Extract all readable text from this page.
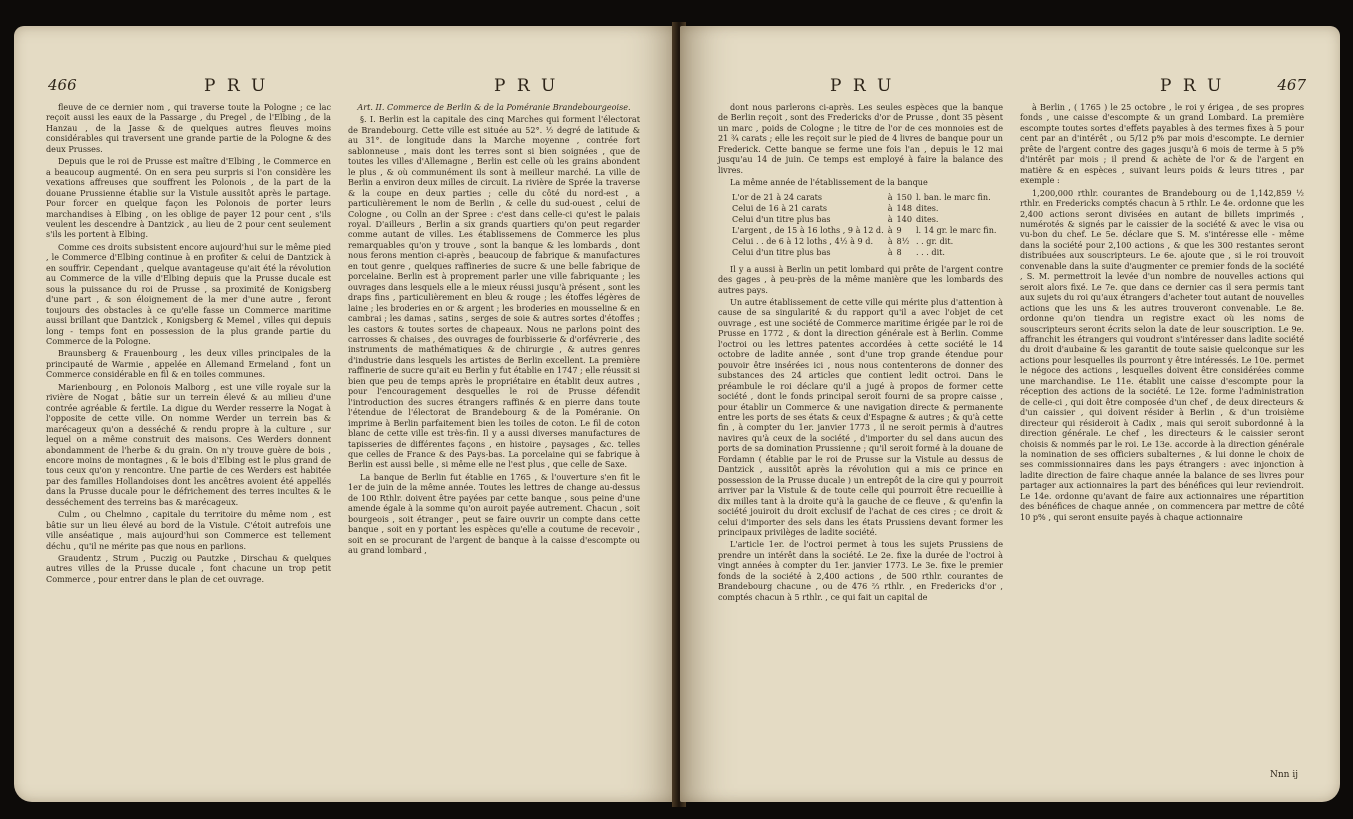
466	P R U	P R U

fleuve de ce dernier nom , qui traverse toute la Pologne ; ce lac reçoit aussi les eaux de la Passarge , du Pregel , de l'Elbing , de la Hanzau , de la Jasse & de quelques autres fleuves moins considérables qui traversent une grande partie de la Pologne & des deux Prusses.

Depuis que le roi de Prusse est maître d'Elbing , le Commerce en a beaucoup augmenté. On en sera peu surpris si l'on considère les vexations affreuses que souffrent les Polonois , de la part de la douane Prussienne établie sur la Vistule aussitôt après le partage. Pour forcer en quelque façon les Polonois de porter leurs marchandises à Elbing , on les oblige de payer 12 pour cent , s'ils veulent les descendre à Dantzick , au lieu de 2 pour cent seulement s'ils les portent à Elbing.

Comme ces droits subsistent encore aujourd'hui sur le même pied , le Commerce d'Elbing continue à en profiter & celui de Dantzick à en souffrir. Cependant , quelque avantageuse qu'ait été la révolution au Commerce de la ville d'Elbing depuis que la Prusse ducale est sous la puissance du roi de Prusse , sa proximité de Konigsberg d'une part , & son éloignement de la mer d'une autre , feront toujours des obstacles à ce qu'elle fasse un Commerce maritime aussi brillant que Dantzick , Konigsberg & Memel , villes qui depuis long - temps font en possession de la plus grande partie du Commerce de la Pologne.

Braunsberg & Frauenbourg , les deux villes principales de la principauté de Warmie , appelée en Allemand Ermeland , font un Commerce considérable en fil & en toiles communes.

Marienbourg , en Polonois Malborg , est une ville royale sur la rivière de Nogat , bâtie sur un terrein élevé & au milieu d'une contrée agréable & fertile. La digue du Werder resserre la Nogat à l'opposite de cette ville. On nomme Werder un terrein bas & marécageux qu'on a desséché & rendu propre à la culture , sur lequel on a même construit des maisons. Ces Werders donnent abondamment de l'herbe & du grain. On n'y trouve guère de bois , encore moins de montagnes , & le bois d'Elbing est le plus grand de tous ceux qu'on y rencontre. Une partie de ces Werders est habitée par des familles Hollandoises dont les ancêtres avoient été appellés dans la Prusse ducale pour le défrichement des terres incultes & le desséchement des terreins bas & marécageux.

Culm , ou Chelmno , capitale du territoire du même nom , est bâtie sur un lieu élevé au bord de la Vistule. C'étoit autrefois une ville anséatique , mais aujourd'hui son Commerce est tellement déchu , qu'il ne mérite pas que nous en parlions.

Graudentz , Strum , Puczig ou Pautzke , Dirschau & quelques autres villes de la Prusse ducale , font chacune un trop petit Commerce , pour entrer dans le plan de cet ouvrage.

Art. II. Commerce de Berlin & de la Poméranie Brandebourgeoise.

§. I. Berlin est la capitale des cinq Marches qui forment l'électorat de Brandebourg. Cette ville est située au 52°. ½ degré de latitude & au 31°. de longitude dans la Marche moyenne , contrée fort sablonneuse , mais dont les terres sont si bien soignées , que de toutes les villes d'Allemagne , Berlin est celle où les grains abondent le plus , & où communément ils sont à meilleur marché. La ville de Berlin a environ deux milles de circuit. La rivière de Sprée la traverse & la coupe en deux parties ; celle du côté du nord-est , a particulièrement le nom de Berlin , & celle du sud-ouest , celui de Cologne , ou Colln an der Spree : c'est dans celle-ci qu'est le palais royal. D'ailleurs , Berlin a six grands quartiers qu'on peut regarder comme autant de villes. Les établissemens de Commerce les plus remarquables qu'on y trouve , sont la banque & les lombards , dont nous ferons mention ci-après , beaucoup de fabrique & manufactures en tout genre , quelques raffineries de sucre & une belle fabrique de porcelaine. Berlin est à proprement parler une ville fabriquante ; les ouvrages dans lesquels elle a le mieux réussi jusqu'à présent , sont les draps fins , particulièrement en bleu & rouge ; les étoffes légères de laine ; les broderies en or & argent ; les broderies en mousseline & en cambrai ; les damas , satins , serges de soie & autres sortes d'étoffes ; les castors & toutes sortes de chapeaux. Nous ne parlons point des carrosses & chaises , des ouvrages de fourbisserie & d'orfévrerie , des instruments de mathématiques & de chirurgie , & autres genres d'industrie dans lesquels les artistes de Berlin excellent. La première raffinerie de sucre qu'ait eu Berlin y fut établie en 1747 ; elle réussit si bien que peu de temps après le propriétaire en établit deux autres , pour l'encouragement desquelles le roi de Prusse défendit l'introduction des sucres étrangers raffinés & en pierre dans toute l'étendue de l'électorat de Brandebourg & de la Poméranie. On imprime à Berlin parfaitement bien les toiles de coton. Le fil de coton blanc de cette ville est très-fin. Il y a aussi diverses manufactures de tapisseries de différentes façons , en histoire , paysages , &c. telles que celles de France & des Pays-bas. La porcelaine qui se fabrique à Berlin est aussi belle , si même elle ne l'est plus , que celle de Saxe.

La banque de Berlin fut établie en 1765 , & l'ouverture s'en fit le 1er de juin de la même année. Toutes les lettres de change au-dessus de 100 Rthlr. doivent être payées par cette banque , sous peine d'une amende égale à la somme qu'on auroit payée autrement. Chacun , soit bourgeois , soit étranger , peut se faire ouvrir un compte dans cette banque , soit en y portant les espèces qu'elle a coutume de recevoir , soit en se procurant de l'argent de banque à la caisse d'escompte ou au grand lombard ,

P R U	P R U	467

dont nous parlerons ci-après. Les seules espèces que la banque de Berlin reçoit , sont des Fredericks d'or de Prusse , dont 35 pèsent un marc , poids de Cologne ; le titre de l'or de ces monnoies est de 21 ¾ carats ; elle les reçoit sur le pied de 4 livres de banque pour un Frederick. Cette banque se ferme une fois l'an , depuis le 12 mai jusqu'au 14 de juin. Ce temps est employé à faire la balance des livres.

La même année de l'établissement de la banque

L'or de 21 à 24 carats	à	150	l. ban. le marc fin.
Celui de 16 à 21 carats	à	148	dites.
Celui d'un titre plus bas	à	140	dites.
L'argent , de 15 à 16 loths , 9 à 12 d.	à	9	l. 14 gr. le marc fin.
Celui . . de 6 à 12 loths , 4½ à 9 d.	à	8½	. . gr. dit.
Celui d'un titre plus bas	à	8	. . . dit.

Il y a aussi à Berlin un petit lombard qui prête de l'argent contre des gages , à peu-près de la même manière que les lombards des autres pays.

Un autre établissement de cette ville qui mérite plus d'attention à cause de sa singularité & du rapport qu'il a avec l'objet de cet ouvrage , est une société de Commerce maritime érigée par le roi de Prusse en 1772 , & dont la direction générale est à Berlin. Comme l'octroi ou les lettres patentes accordées à cette société le 14 octobre de ladite année , sont d'une trop grande étendue pour pouvoir être insérées ici , nous nous contenterons de donner des substances des 24 articles que contient ledit octroi. Dans le préambule le roi déclare qu'il a jugé à propos de former cette société , dont le fonds principal seroit fourni de sa propre caisse , pour établir un Commerce & une navigation directe & permanente entre les ports de ses états & ceux d'Espagne & autres ; & qu'à cette fin , à compter du 1er. janvier 1773 , il ne seroit permis à d'autres navires qu'à ceux de la société , d'importer du sel dans aucun des ports de sa domination Prussienne ; qu'il seroit formé à la douane de Fordamn ( établie par le roi de Prusse sur la Vistule au dessus de Dantzick , aussitôt après la révolution qui a mis ce prince en possession de la Prusse ducale ) un entrepôt de la cire qui y pourroit arriver par la Vistule & de toute celle qui pourroit être recueillie à dix milles tant à la droite qu'à la gauche de ce fleuve , & qu'enfin la société jouiroit du droit exclusif de l'achat de ces cires ; ce droit & celui d'importer des sels dans les états Prussiens devant former les principaux privilèges de ladite société.

L'article 1er. de l'octroi permet à tous les sujets Prussiens de prendre un intérêt dans la société. Le 2e. fixe la durée de l'octroi à vingt années à compter du 1er. janvier 1773. Le 3e. fixe le premier fonds de la société à 2,400 actions , de 500 rthlr. courantes de Brandebourg chacune , ou de 476 ⅔ rthlr. , en Fredericks d'or , comptés chacun à 5 rthlr. , ce qui fait un capital de

à Berlin , ( 1765 ) le 25 octobre , le roi y érigea , de ses propres fonds , une caisse d'escompte & un grand Lombard. La première escompte toutes sortes d'effets payables à des termes fixes à 5 pour cent par an d'intérêt , ou 5/12 p% par mois d'escompte. Le dernier prête de l'argent contre des gages jusqu'à 6 mois de terme à 5 p% d'intérêt par mois ; il prend & achète de l'or & de l'argent en matière & en espèces , suivant leurs poids & leurs titres , par exemple :

1,200,000 rthlr. courantes de Brandebourg ou de 1,142,859 ½ rthlr. en Fredericks comptés chacun à 5 rthlr. Le 4e. ordonne que les 2,400 actions seront divisées en autant de billets imprimés , numérotés & signés par le caissier de la société & avec le visa ou vu-bon du chef. Le 5e. déclare que S. M. s'intéresse elle - même dans la société pour 2,100 actions , & que les 300 restantes seront distribuées aux souscripteurs. Le 6e. ajoute que , si le roi trouvoit convenable dans la suite d'augmenter ce premier fonds de la société , S. M. permettroit la levée d'un nombre de nouvelles actions qui seroit alors fixé. Le 7e. que dans ce dernier cas il sera permis tant aux sujets du roi qu'aux étrangers d'acheter tout autant de nouvelles actions que les uns & les autres trouveront convenable. Le 8e. ordonne qu'on tiendra un registre exact où les noms de souscripteurs seront écrits selon la date de leur souscription. Le 9e. affranchit les étrangers qui voudront s'intéresser dans ladite société du droit d'aubaine & les garantit de toute saisie quelconque sur les actions pour lesquelles ils pourront y être intéressés. Le 10e. permet le négoce des actions , lesquelles doivent être considérées comme une marchandise. Le 11e. établit une caisse d'escompte pour la réception des actions de la société. Le 12e. forme l'administration de celle-ci , qui doit être composée d'un chef , de deux directeurs & d'un caissier , qui doivent résider à Berlin , & d'un troisième directeur qui résideroit à Cadix , mais qui seroit subordonné à la direction générale. Le chef , les directeurs & le caissier seront choisis & nommés par le roi. Le 13e. accorde à la direction générale la nomination de ses officiers subalternes , & lui donne le choix de ses commissionnaires dans les pays étrangers : avec injonction à ladite direction de faire chaque année la balance de ses livres pour partager aux actionnaires la part des bénéfices qui leur reviendroit. Le 14e. ordonne qu'avant de faire aux actionnaires une répartition des bénéfices de chaque année , on commencera par mettre de côté 10 p% , qui seront ensuite payés à chaque actionnaire

Nnn ij
